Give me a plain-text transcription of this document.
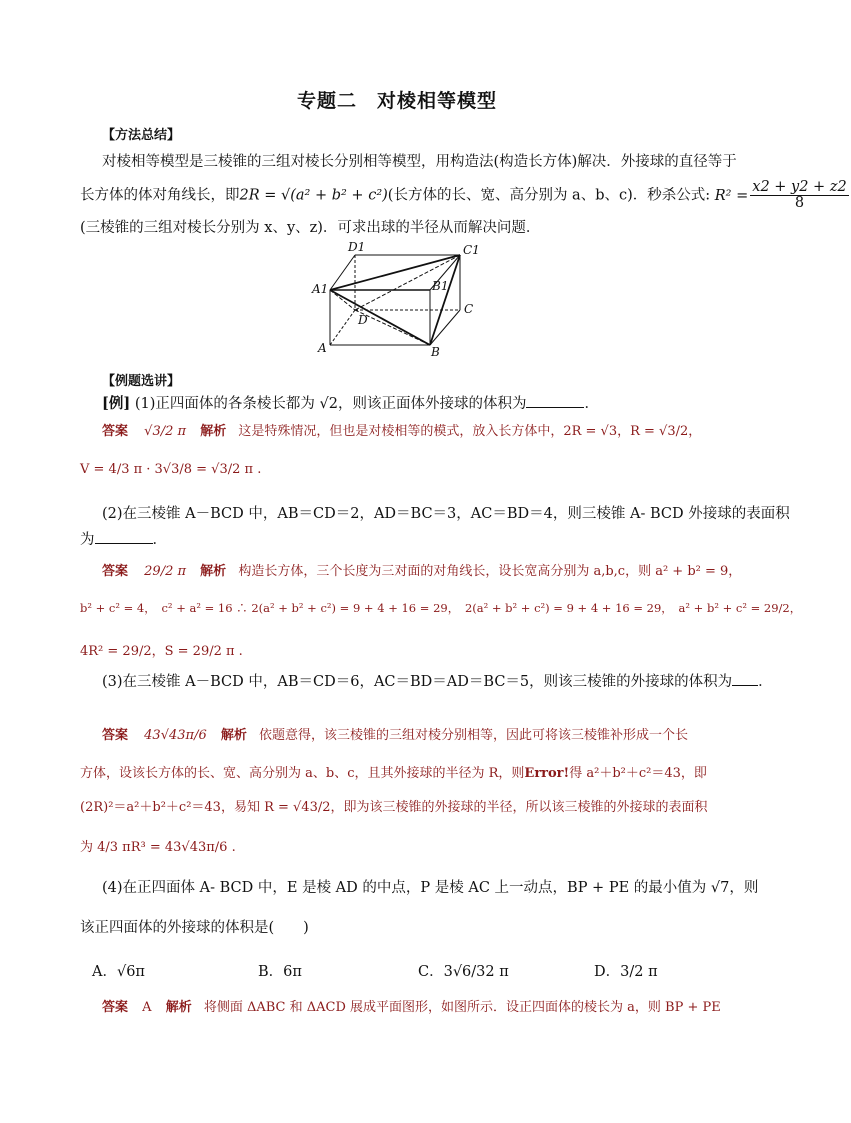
专题二　对棱相等模型
【方法总结】
对棱相等模型是三棱锥的三组对棱长分别相等模型，用构造法(构造长方体)解决．外接球的直径等于
长方体的体对角线长，即2R = √(a² + b² + c²)(长方体的长、宽、高分别为 a、b、c)．秒杀公式: $R^2 = \frac{x2 + y2 + z2}{8}$
(三棱锥的三组对棱长分别为 x、y、z)．可求出球的半径从而解决问题．
D1	C1
A1	B1
C
D
A	B
【例题选讲】
[例] (1)正四面体的各条棱长都为 √2，则该正面体外接球的体积为	．
答案 √3/2 π 解析 这是特殊情况，但也是对棱相等的模式，放入长方体中，2R = √3，R = √3/2，
V = 4/3 π · 3√3/8 = √3/2 π .
(2)在三棱锥 A－BCD 中，AB＝CD＝2，AD＝BC＝3，AC＝BD＝4，则三棱锥 A- BCD 外接球的表面积
为	．
答案 29/2 π 解析 构造长方体，三个长度为三对面的对角线长，设长宽高分别为 a,b,c，则 a² + b² = 9，
b² + c² = 4，　c² + a² = 16 ∴ 2(a² + b² + c²) = 9 + 4 + 16 = 29，　2(a² + b² + c²) = 9 + 4 + 16 = 29，　a² + b² + c² = 29/2，
4R² = 29/2，S = 29/2 π .
(3)在三棱锥 A－BCD 中，AB＝CD＝6，AC＝BD＝AD＝BC＝5，则该三棱锥的外接球的体积为 ．
答案 43√43π/6 解析 依题意得，该三棱锥的三组对棱分别相等，因此可将该三棱锥补形成一个长
方体，设该长方体的长、宽、高分别为 a、b、c，且其外接球的半径为 R，则Error!得 a²＋b²＋c²＝43，即
(2R)²＝a²＋b²＋c²＝43，易知 R = √43/2，即为该三棱锥的外接球的半径，所以该三棱锥的外接球的表面积
为 4/3 πR³ = 43√43π/6 .
(4)在正四面体 A- BCD 中，E 是棱 AD 的中点，P 是棱 AC 上一动点，BP + PE 的最小值为 √7，则
该正四面体的外接球的体积是(　　)
A．√6π	B．6π	C．3√6/32 π	D．3/2 π
答案 A 解析 将侧面 ΔABC 和 ΔACD 展成平面图形，如图所示．设正四面体的棱长为 a，则 BP + PE
